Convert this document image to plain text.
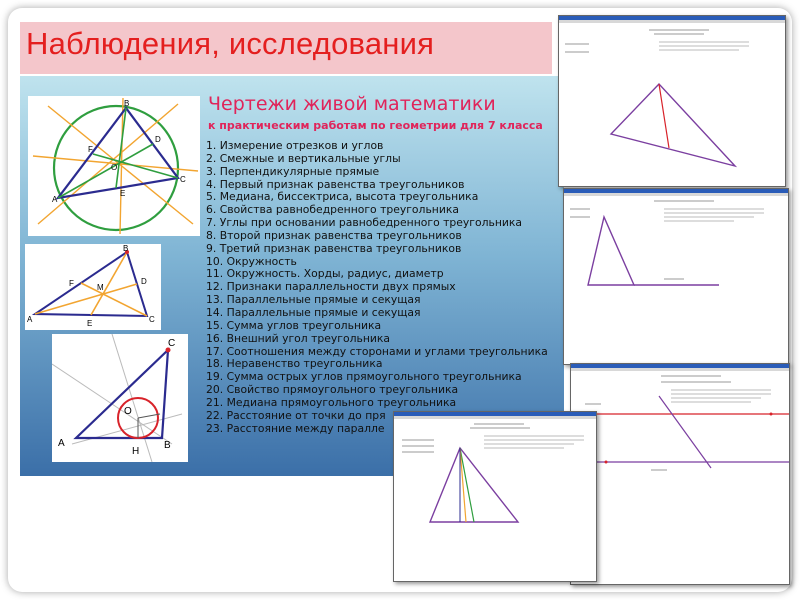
Наблюдения, исследования
Чертежи живой математики
к практическим работам по геометрии для 7 класса
1. Измерение отрезков и углов
2. Смежные и вертикальные углы
3. Перпендикулярные прямые
4. Первый признак равенства треугольников
5. Медиана, биссектриса, высота треугольника
6. Свойства равнобедренного треугольника
7. Углы при основании равнобедренного треугольника
8. Второй признак равенства треугольников
9. Третий признак равенства треугольников
10. Окружность
11. Окружность. Хорды, радиус, диаметр
12. Признаки параллельности двух прямых
13. Параллельные прямые и секущая
14. Параллельные прямые и секущая
15. Сумма углов треугольника
16. Внешний угол треугольника
17. Соотношения между сторонами и углами треугольника
18. Неравенство треугольника
19. Сумма острых углов прямоугольного треугольника
20. Свойство прямоугольного треугольника
21. Медиана прямоугольного треугольника
22. Расстояние от точки до пря
23. Расстояние между паралле
B
D
F
O
C
A
E
B
F	M
D
A	E	C
C
O
A	B
H
